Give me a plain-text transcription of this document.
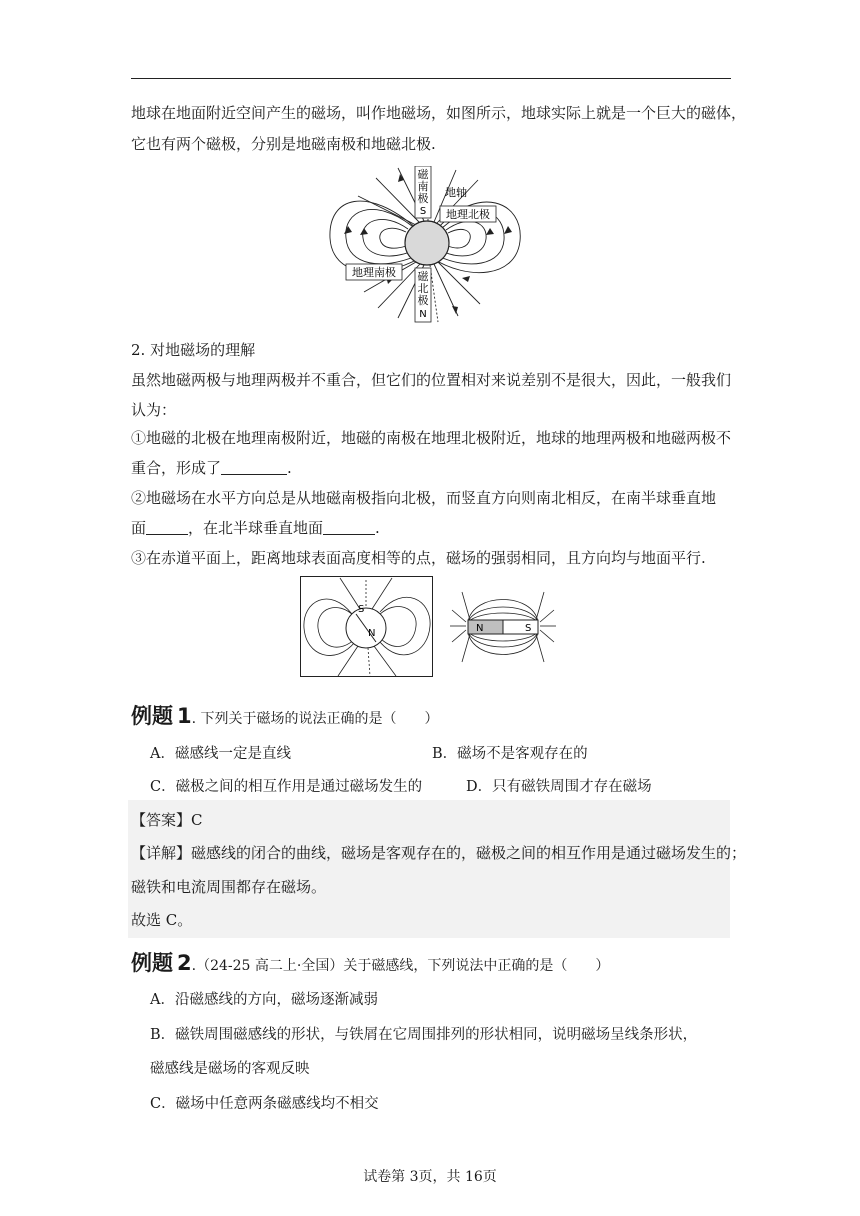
地球在地面附近空间产生的磁场，叫作地磁场，如图所示，地球实际上就是一个巨大的磁体，
它也有两个磁极，分别是地磁南极和地磁北极.
磁
南
极
S
地轴
地理北极
地理南极 磁
北
极
N
2. 对地磁场的理解
虽然地磁两极与地理两极并不重合，但它们的位置相对来说差别不是很大，因此，一般我们
认为：
①地磁的北极在地理南极附近，地磁的南极在地理北极附近，地球的地理两极和地磁两极不
重合，形成了	.
②地磁场在水平方向总是从地磁南极指向北极，而竖直方向则南北相反，在南半球垂直地
面	，在北半球垂直地面	.
③在赤道平面上，距离地球表面高度相等的点，磁场的强弱相同，且方向均与地面平行.
S
N	N	S
例题 1. 下列关于磁场的说法正确的是（　　）
A．磁感线一定是直线	B．磁场不是客观存在的
C．磁极之间的相互作用是通过磁场发生的	D．只有磁铁周围才存在磁场
【答案】C
【详解】磁感线的闭合的曲线，磁场是客观存在的，磁极之间的相互作用是通过磁场发生的；
磁铁和电流周围都存在磁场。
故选 C。
例题 2.（24-25 高二上·全国）关于磁感线，下列说法中正确的是（　　）
A．沿磁感线的方向，磁场逐渐减弱
B．磁铁周围磁感线的形状，与铁屑在它周围排列的形状相同，说明磁场呈线条形状，
磁感线是磁场的客观反映
C．磁场中任意两条磁感线均不相交
试卷第 3页，共 16页
